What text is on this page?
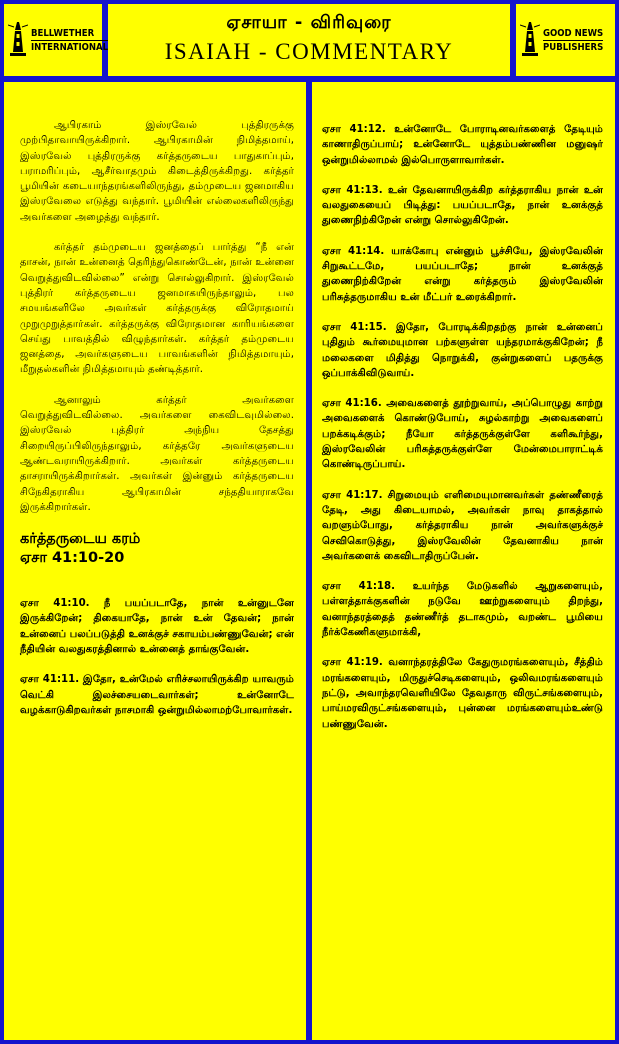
BELLWETHER
INTERNATIONAL
ஏசாயா - விரிவுரை
ISAIAH - COMMENTARY
GOOD NEWS
PUBLISHERS

ஆபிரகாம் இஸ்ரவேல் புத்திரருக்கு முற்பிதாவாயிருக்கிறார். ஆபிரகாமின் நிமித்தமாய், இஸ்ரவேல் புத்திரருக்கு கர்த்தருடைய பாதுகாப்பும், பராமரிப்பும், ஆசீர்வாதமும் கிடைத்திருக்கிறது. கர்த்தர் பூமியின் கடையாந்தரங்களிலிருந்து, தம்முடைய ஜனமாகிய இஸ்ரவேலை எடுத்து வந்தார். பூமியின் எல்லைகளிலிருந்து அவர்களை அழைத்து வந்தார்.

கர்த்தர் தம்முடைய ஜனத்தைப் பார்த்து “நீ என் தாசன், நான் உன்னைத் தெரிந்துகொண்டேன், நான் உன்னை வெறுத்துவிடவில்லை” என்று சொல்லுகிறார். இஸ்ரவேல் புத்திரர் கர்த்தருடைய ஜனமாகயிருந்தாலும், பல சமயங்களிலே அவர்கள் கர்த்தருக்கு விரோதமாய் முறுமுறுத்தார்கள். கர்த்தருக்கு விரோதமான காரியங்களை செய்து பாவத்தில் விழுந்தார்கள். கர்த்தர் தம்முடைய ஜனத்தை, அவர்களுடைய பாவங்களின் நிமித்தமாயும், மீறுதல்களின் நிமித்தமாயும் தண்டித்தார்.

ஆனாலும் கர்த்தர் அவர்களை வெறுத்துவிடவில்லை. அவர்களை கைவிடவுமில்லை. இஸ்ரவேல் புத்திரர் அந்நிய தேசத்து சிறையிருப்பிலிருந்தாலும், கர்த்தரே அவர்களுடைய ஆண்டவராயிருக்கிறார். அவர்கள் கர்த்தருடைய தாசராயிருக்கிறார்கள். அவர்கள் இன்னும் கர்த்தருடைய சிநேகிதராகிய ஆபிரகாமின் சந்ததியாராகவே இருக்கிறார்கள்.

கர்த்தருடைய கரம்
ஏசா 41:10-20

ஏசா 41:10. நீ பயப்படாதே, நான் உன்னுடனே இருக்கிறேன்; திகையாதே, நான் உன் தேவன்; நான் உன்னைப் பலப்படுத்தி உனக்குச் சகாயம்பண்ணுவேன்; என் நீதியின் வலதுகரத்தினால் உன்னைத் தாங்குவேன்.

ஏசா 41:11. இதோ, உன்மேல் எரிச்சலாயிருக்கிற யாவரும் வெட்கி இலச்சையடைவார்கள்; உன்னோடே வழக்காடுகிறவர்கள் நாசமாகி ஒன்றுமில்லாமற்போவார்கள்.

ஏசா 41:12. உன்னோடே போராடினவர்களைத் தேடியும் காணாதிருப்பாய்; உன்னோடே யுத்தம்பண்ணின மனுஷர் ஒன்றுமில்லாமல் இல்பொருளாவார்கள்.

ஏசா 41:13. உன் தேவனாயிருக்கிற கர்த்தராகிய நான் உன் வலதுகையைப் பிடித்து: பயப்படாதே, நான் உனக்குத் துணைநிற்கிறேன் என்று சொல்லுகிறேன்.

ஏசா 41:14. யாக்கோபு என்னும் பூச்சியே, இஸ்ரவேலின் சிறுகூட்டமே, பயப்படாதே; நான் உனக்குத் துணைநிற்கிறேன் என்று கர்த்தரும் இஸ்ரவேலின் பரிசுத்தருமாகிய உன் மீட்பர் உரைக்கிறார்.

ஏசா 41:15. இதோ, போரடிக்கிறதற்கு நான் உன்னைப் புதிதும் கூர்மையுமான பற்களுள்ள யந்தரமாக்குகிறேன்; நீ மலைகளை மிதித்து நொறுக்கி, குன்றுகளைப் பதருக்கு ஒப்பாக்கிவிடுவாய்.

ஏசா 41:16. அவைகளைத் தூற்றுவாய், அப்பொழுது காற்று அவைகளைக் கொண்டுபோய், சுழல்காற்று அவைகளைப் பறக்கடிக்கும்; நீயோ கர்த்தருக்குள்ளே களிகூர்ந்து, இஸ்ரவேலின் பரிசுத்தருக்குள்ளே மேன்மைபாராட்டிக் கொண்டிருப்பாய்.

ஏசா 41:17. சிறுமையும் எளிமையுமானவர்கள் தண்ணீரைத் தேடி, அது கிடையாமல், அவர்கள் நாவு தாகத்தால் வறளும்போது, கர்த்தராகிய நான் அவர்களுக்குச் செவிகொடுத்து, இஸ்ரவேலின் தேவனாகிய நான் அவர்களைக் கைவிடாதிருப்பேன்.

ஏசா 41:18. உயர்ந்த மேடுகளில் ஆறுகளையும், பள்ளத்தாக்குகளின் நடுவே ஊற்றுகளையும் திறந்து, வனாந்தரத்தைத் தண்ணீர்த் தடாகமும், வறண்ட பூமியை நீர்க்கேணிகளுமாக்கி,

ஏசா 41:19. வனாந்தரத்திலே கேதுருமரங்களையும், சீத்திம் மரங்களையும், மிருதுச்செடிகளையும், ஒலிவமரங்களையும் நட்டு, அவாந்தரவெளியிலே தேவதாரு விருட்சங்களையும், பாய்மரவிருட்சங்களையும், புன்னை மரங்களையும்உண்டு பண்ணுவேன்.
